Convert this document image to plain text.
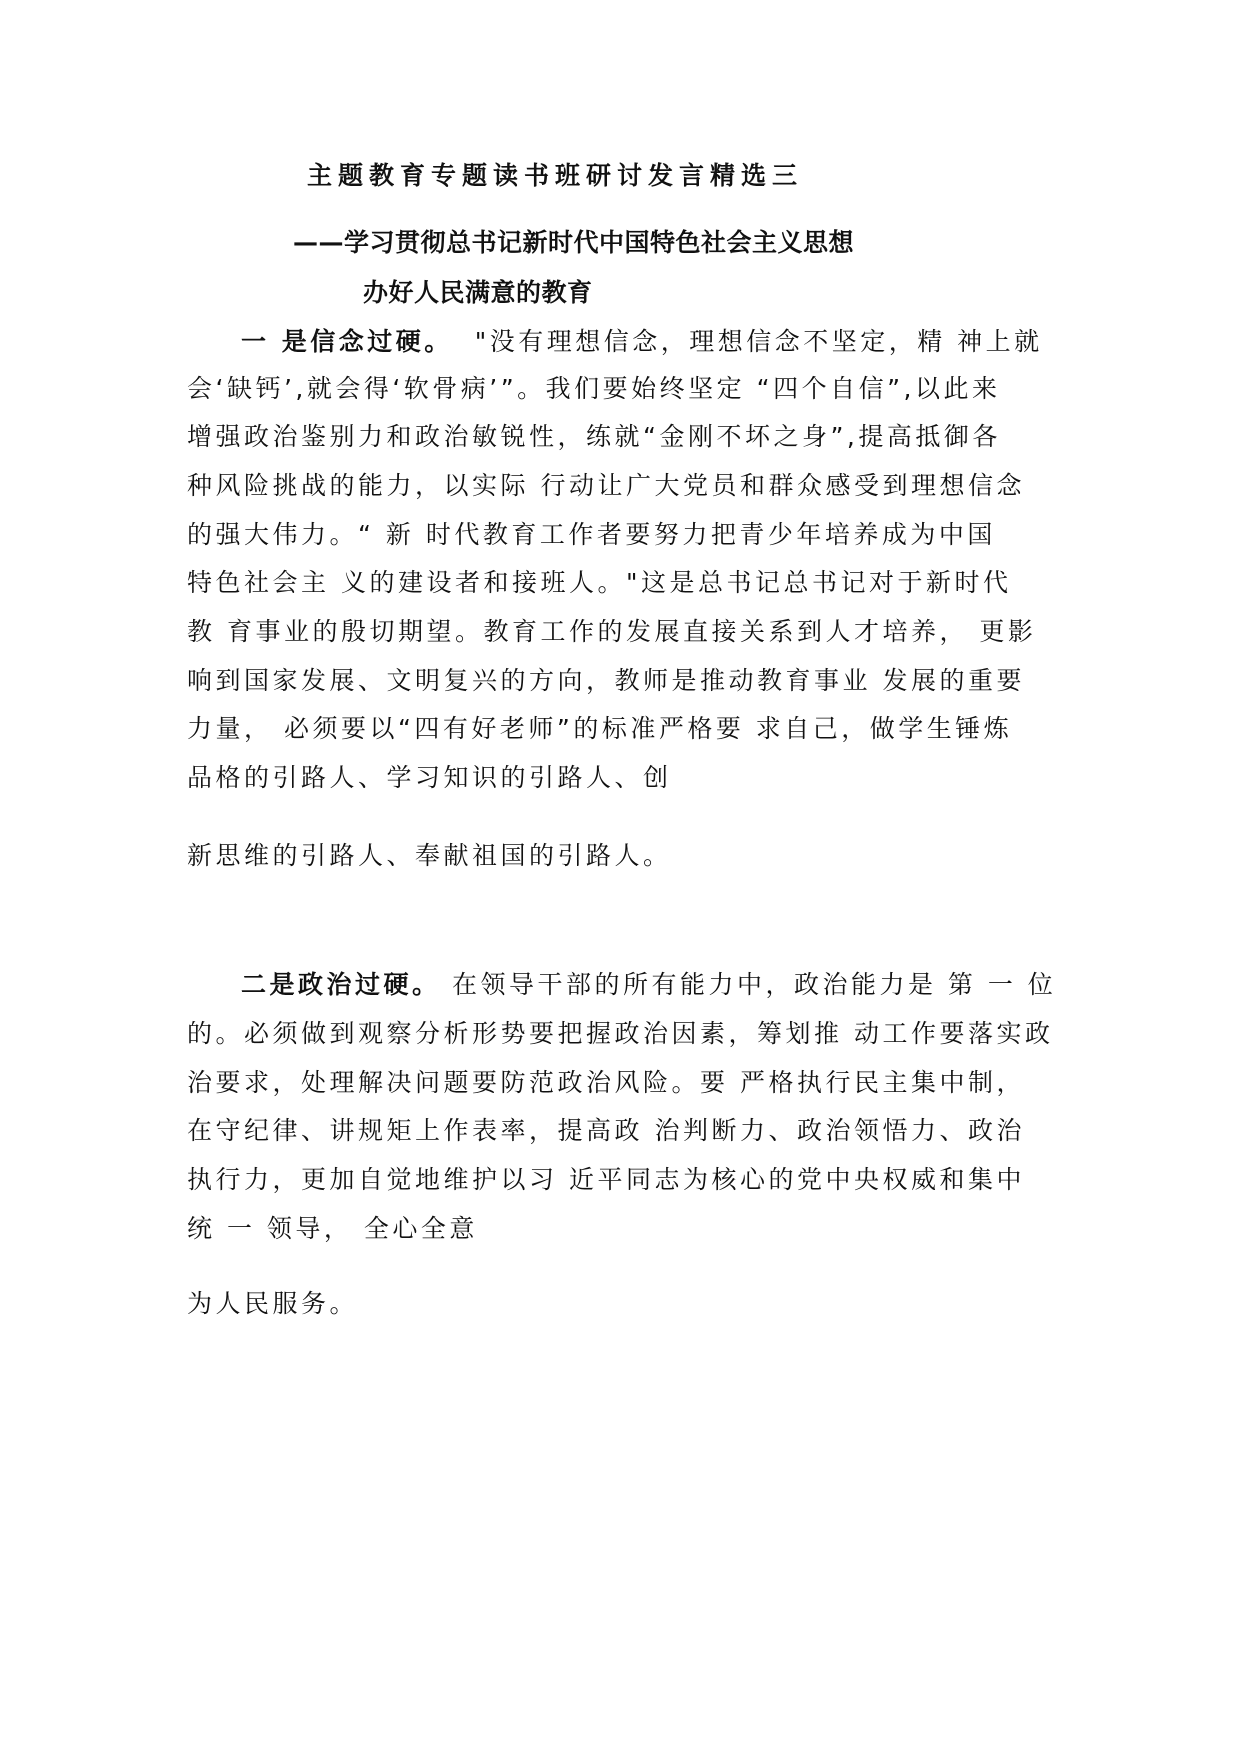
主题教育专题读书班研讨发言精选三
——学习贯彻总书记新时代中国特色社会主义思想
办好人民满意的教育
一 是信念过硬。 "没有理想信念，理想信念不坚定，精 神上就
会‘缺钙’,就会得‘软骨病’”。我们要始终坚定 “四个自信”,以此来
增强政治鉴别力和政治敏锐性，练就“金刚不坏之身”,提高抵御各
种风险挑战的能力，以实际 行动让广大党员和群众感受到理想信念
的强大伟力。“ 新 时代教育工作者要努力把青少年培养成为中国
特色社会主 义的建设者和接班人。"这是总书记总书记对于新时代
教 育事业的殷切期望。教育工作的发展直接关系到人才培养， 更影
响到国家发展、文明复兴的方向，教师是推动教育事业 发展的重要
力量， 必须要以“四有好老师”的标准严格要 求自己，做学生锤炼
品格的引路人、学习知识的引路人、创
新思维的引路人、奉献祖国的引路人。
二是政治过硬。 在领导干部的所有能力中，政治能力是 第 一 位
的。必须做到观察分析形势要把握政治因素，筹划推 动工作要落实政
治要求，处理解决问题要防范政治风险。要 严格执行民主集中制，
在守纪律、讲规矩上作表率，提高政 治判断力、政治领悟力、政治
执行力，更加自觉地维护以习 近平同志为核心的党中央权威和集中
统 一 领导， 全心全意
为人民服务。
